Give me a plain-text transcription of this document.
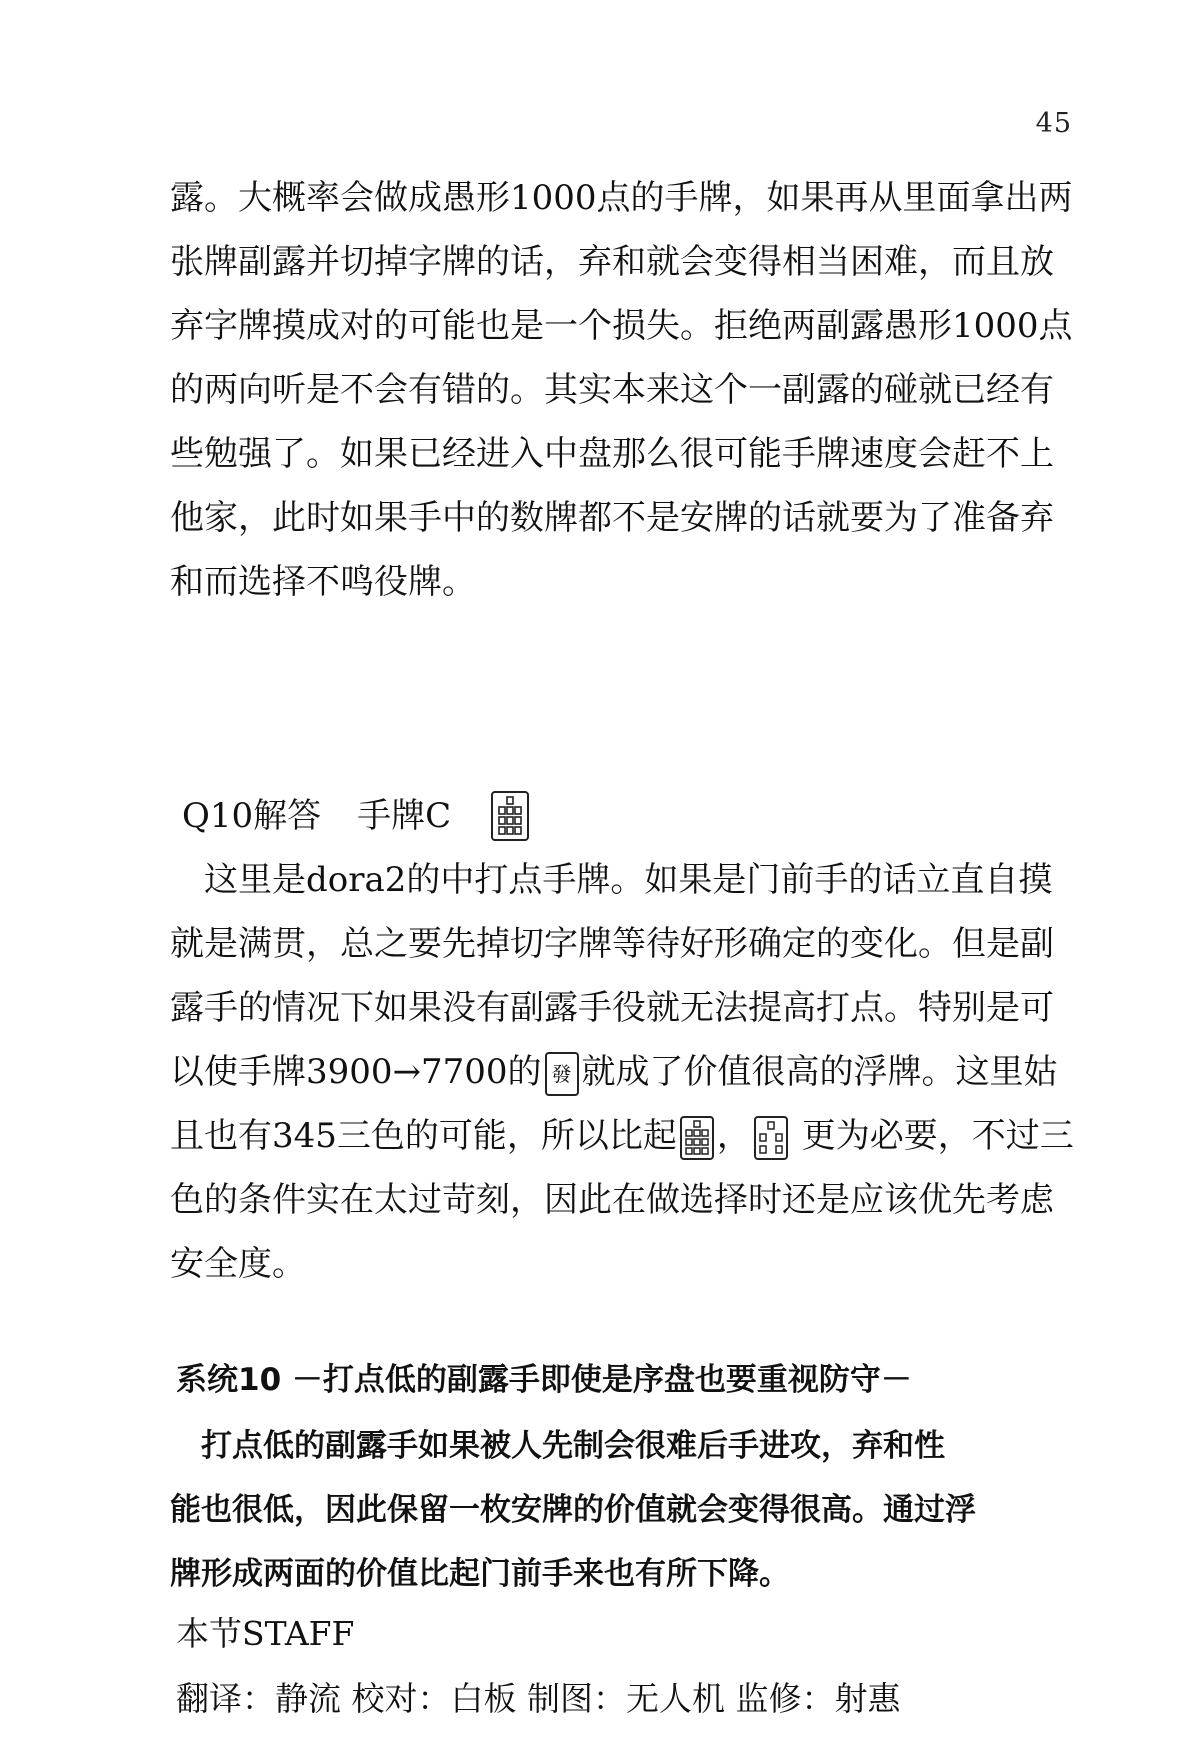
45
露。大概率会做成愚形1000点的手牌，如果再从里面拿出两
张牌副露并切掉字牌的话，弃和就会变得相当困难，而且放
弃字牌摸成对的可能也是一个损失。拒绝两副露愚形1000点
的两向听是不会有错的。其实本来这个一副露的碰就已经有
些勉强了。如果已经进入中盘那么很可能手牌速度会赶不上
他家，此时如果手中的数牌都不是安牌的话就要为了准备弃
和而选择不鸣役牌。
Q10解答 手牌C
　这里是dora2的中打点手牌。如果是门前手的话立直自摸
就是满贯，总之要先掉切字牌等待好形确定的变化。但是副
露手的情况下如果没有副露手役就无法提高打点。特别是可
以使手牌3900→7700的 發 就成了价值很高的浮牌。这里姑
且也有345三色的可能，所以比起 ，
更为必要，不过三
色的条件实在太过苛刻，因此在做选择时还是应该优先考虑
安全度。
系统10 －打点低的副露手即使是序盘也要重视防守－
　打点低的副露手如果被人先制会很难后手进攻，弃和性
能也很低，因此保留一枚安牌的价值就会变得很高。通过浮
牌形成两面的价值比起门前手来也有所下降。
本节STAFF
翻译：静流 校对：白板 制图：无人机 监修：射惠
